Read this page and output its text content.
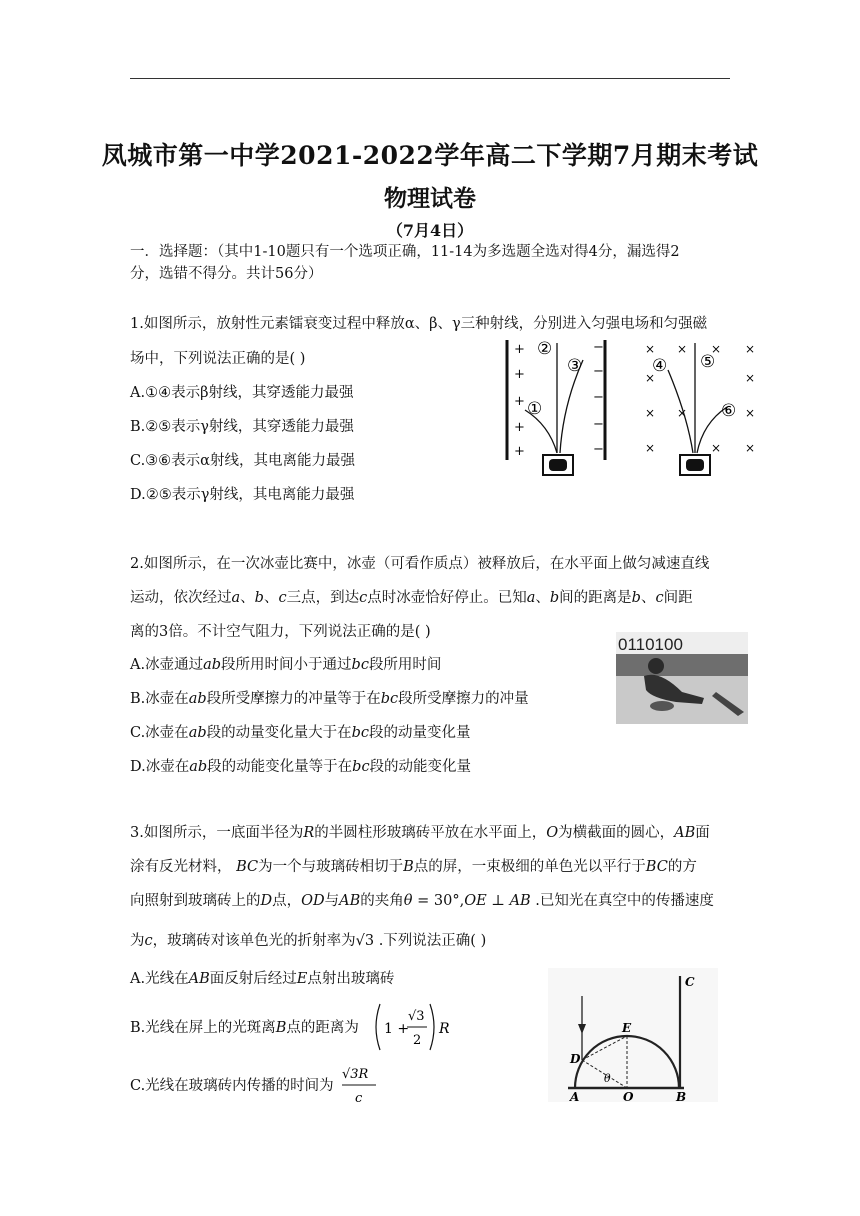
凤城市第一中学2021-2022学年高二下学期7月期末考试
物理试卷
（7月4日）
一．选择题：（其中1-10题只有一个选项正确，11-14为多选题全选对得4分，漏选得2
分，选错不得分。共计56分）
1.如图所示，放射性元素镭衰变过程中释放α、β、γ三种射线，分别进入匀强电场和匀强磁
场中，下列说法正确的是( )
A.①④表示β射线，其穿透能力最强
B.②⑤表示γ射线，其穿透能力最强
C.③⑥表示α射线，其电离能力最强
D.②⑤表示γ射线，其电离能力最强
+
+
+
+
+
−
−
−
−
−
①
②
③
× × × ×
×	×
× ×	×
×	× ×
④ ⑤
⑥
2.如图所示，在一次冰壶比赛中，冰壶（可看作质点）被释放后，在水平面上做匀减速直线
运动，依次经过a、b、c三点，到达c点时冰壶恰好停止。已知a、b间的距离是b、c间距
离的3倍。不计空气阻力，下列说法正确的是( )
A.冰壶通过ab段所用时间小于通过bc段所用时间
B.冰壶在ab段所受摩擦力的冲量等于在bc段所受摩擦力的冲量
C.冰壶在ab段的动量变化量大于在bc段的动量变化量
D.冰壶在ab段的动能变化量等于在bc段的动能变化量
0110100
3.如图所示，一底面半径为R的半圆柱形玻璃砖平放在水平面上，O为横截面的圆心，AB面
涂有反光材料， BC为一个与玻璃砖相切于B点的屏，一束极细的单色光以平行于BC的方
向照射到玻璃砖上的D点，OD与AB的夹角θ = 30°,OE ⊥ AB .已知光在真空中的传播速度
为c，玻璃砖对该单色光的折射率为√3 .下列说法正确( )
A.光线在AB面反射后经过E点射出玻璃砖
B.光线在屏上的光斑离B点的距离为 1 +
√3
2
R
C.光线在玻璃砖内传播的时间为
√3R
c
E
D
θ
A	O	B
C
